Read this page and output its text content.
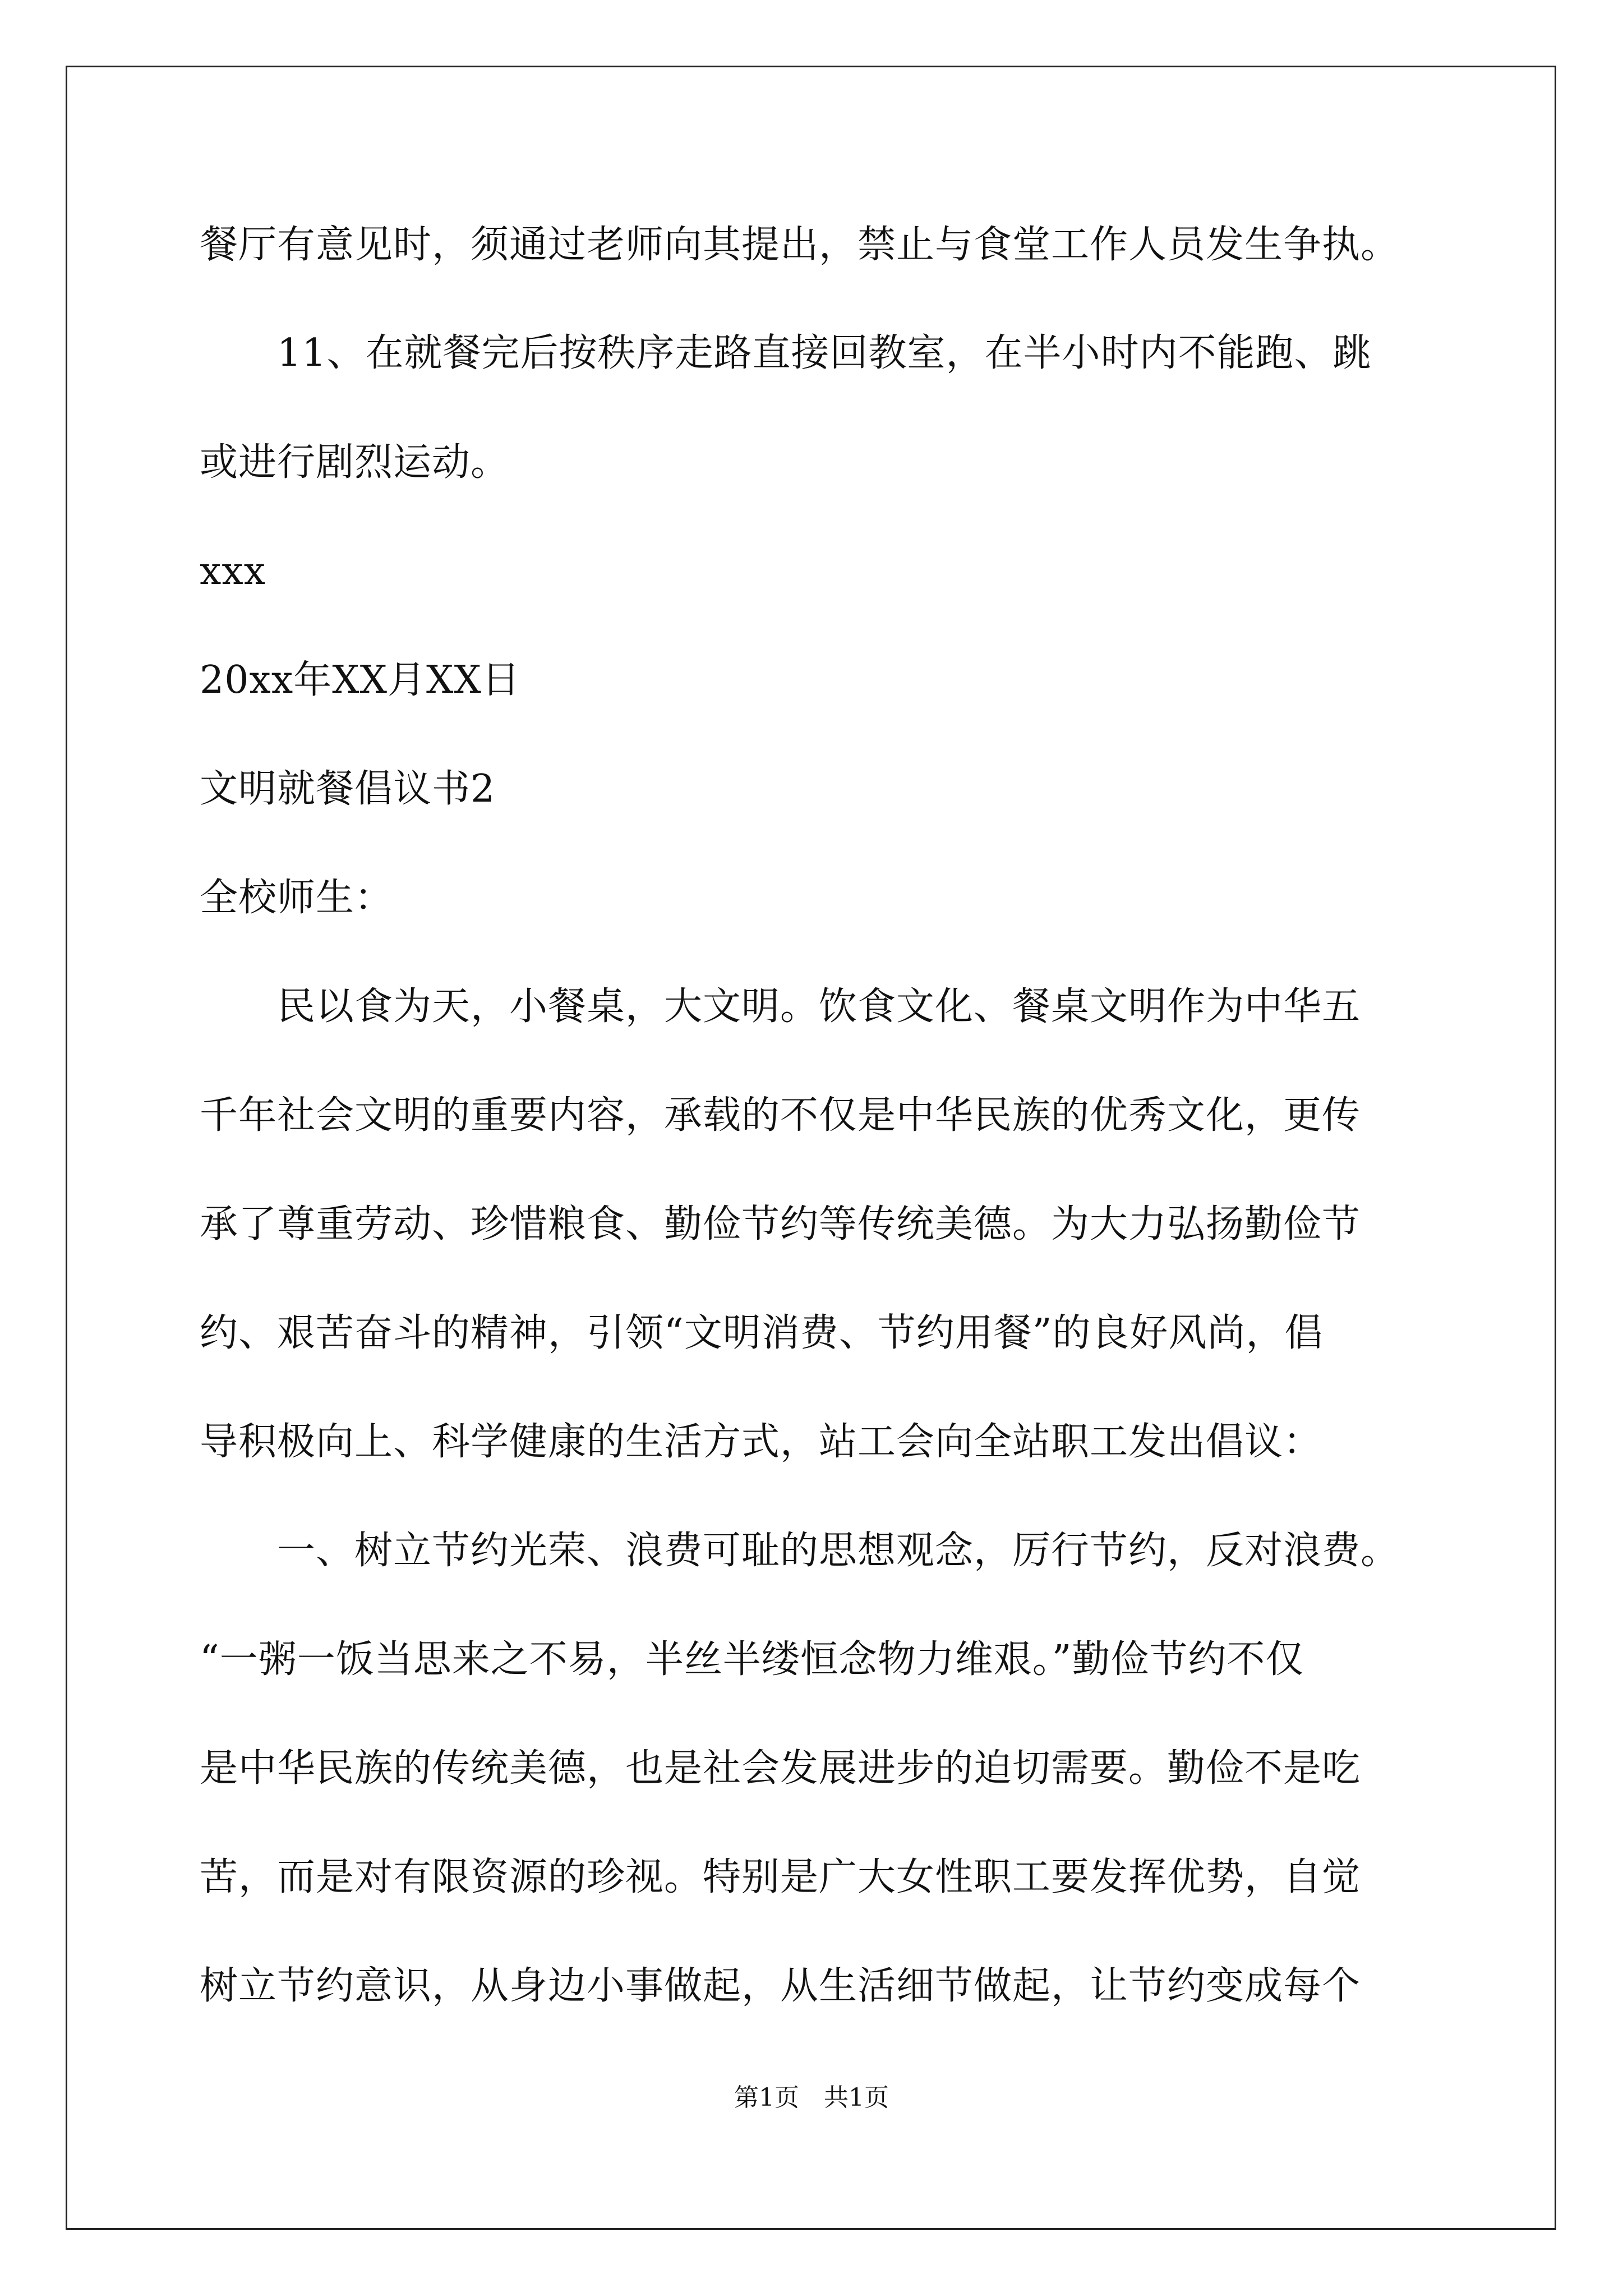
餐厅有意见时，须通过老师向其提出，禁止与食堂工作人员发生争执。
　　11、在就餐完后按秩序走路直接回教室，在半小时内不能跑、跳
或进行剧烈运动。
xxx
20xx年XX月XX日
文明就餐倡议书2
全校师生：
　　民以食为天，小餐桌，大文明。饮食文化、餐桌文明作为中华五
千年社会文明的重要内容，承载的不仅是中华民族的优秀文化，更传
承了尊重劳动、珍惜粮食、勤俭节约等传统美德。为大力弘扬勤俭节
约、艰苦奋斗的精神，引领“文明消费、节约用餐”的良好风尚，倡
导积极向上、科学健康的生活方式，站工会向全站职工发出倡议：
　　一、树立节约光荣、浪费可耻的思想观念，厉行节约，反对浪费。
“一粥一饭当思来之不易，半丝半缕恒念物力维艰。”勤俭节约不仅
是中华民族的传统美德，也是社会发展进步的迫切需要。勤俭不是吃
苦，而是对有限资源的珍视。特别是广大女性职工要发挥优势，自觉
树立节约意识，从身边小事做起，从生活细节做起，让节约变成每个
第1页　共1页
